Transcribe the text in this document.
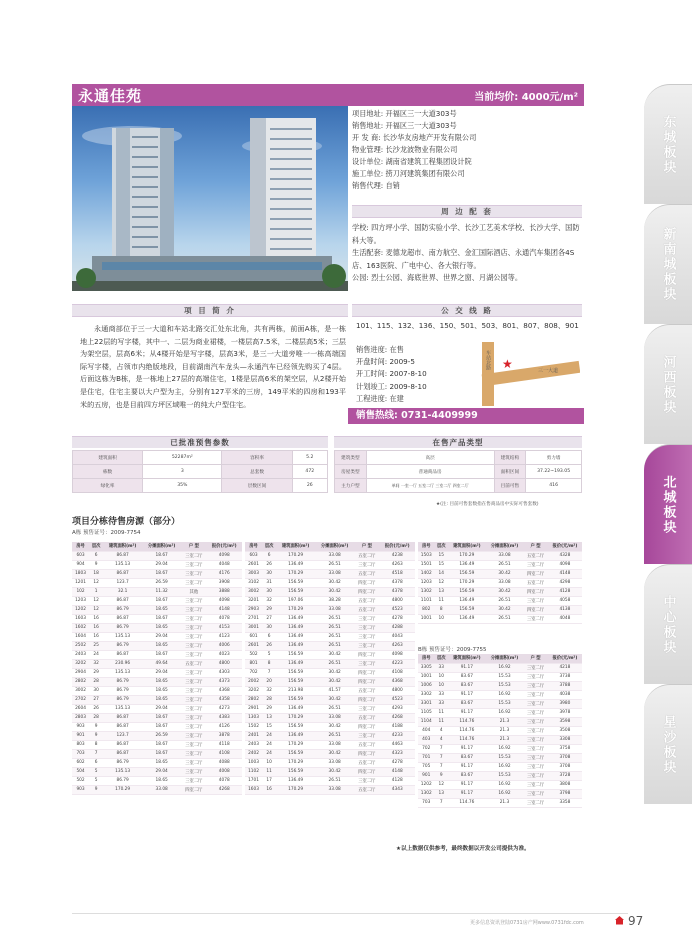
东城板块
新南城板块
河西板块
北城板块
中心板块
星沙板块
永通佳苑	当前均价: 4000元/m²
项目地址: 开福区三一大道303号
销售地址: 开福区三一大道303号
开 发 商: 长沙华友房地产开发有限公司
物业管理: 长沙龙波物业有限公司
设计单位: 湖南省建筑工程集团设计院
施工单位: 捞刀河建筑集团有限公司
销售代理: 自销
周 边 配 套
学校: 四方坪小学、国防实验小学、长沙工艺美术学校、长沙大学、国防科大等。
生活配套: 麦德龙超市、南方航空、金汇国际酒店、永通汽车集团各4S店、163医院、广电中心、各大银行等。
公园: 烈士公园、海底世界、世界之窗、月湖公园等。
项 目 简 介
永通商部位于三一大道和车站北路交汇处东北角，共有两栋，前面A栋，是一栋地上22层的写字楼，其中一、二层为商业裙楼，一楼层高7.5米，二楼层高5米；三层为架空层，层高6米；从4楼开始是写字楼，层高3米，是三一大道旁唯一一栋高端国际写字楼，占领市内绝版地段，目前湖南汽车龙头—永通汽车已经领先购买了4层。后面这栋为B栋，是一栋地上27层的高端住宅，1楼是层高6米的架空层，从2楼开始是住宅，住宅主要以大户型为主，分别有127平米的三房，149平米的四房和193平米的五房，也是目前四方坪区域唯一的纯大户型住宅。
公 交 线 路
101、115、132、136、150、501、503、801、807、808、901
销售进度: 在售
开盘时间: 2009-5
开工时间: 2007-8-10
计划竣工: 2009-8-10
工程进度: 在建
车站北路
三一大道
★
销售热线: 0731-4409999
已批准预售参数
建筑面积	52287m²	容积率	5.2
栋数	3	总套数	472
绿化率	35%	层数区间	26
在售产品类型
建筑类型	高层	建筑结构	剪力墙
房屋类型	普通商品房	面积区间	37.22~193.05
主力户型	单间 一室一厅 五室二厅 三室二厅 四室二厅	目前可售	416
★(注: 目前可售套数指在售商品房中实际可售套数)
项目分栋待售房源（部分）
A栋 预售证号：2009-7754
B栋 预售证号：2009-7755
房号	层次	建筑面积(m²)	分摊面积(m²)	户 型	报价(元/m²)
603	6	86.87	18.67	三室二厅	4098
904	9	135.13	29.04	三室二厅	4048
1803	18	86.87	18.67	三室二厅	4176
1201	12	123.7	26.59	三室二厅	3908
102	1	32.1	11.32	其他	3888
1203	12	86.87	18.67	三室二厅	4098
1202	12	86.79	18.65	三室二厅	4148
1603	16	86.87	18.67	三室二厅	4078
1602	16	86.79	18.65	三室二厅	4153
1604	16	135.13	29.04	三室二厅	4123
2502	25	86.79	18.65	三室二厅	4006
2403	24	86.87	18.67	三室二厅	4023
3202	32	230.96	49.64	五室二厅	4800
2904	29	135.13	29.04	三室二厅	4303
2802	28	86.79	18.65	三室二厅	4373
3002	30	86.79	18.65	三室二厅	4368
2702	27	86.79	18.65	三室二厅	4358
2604	26	135.13	29.04	三室二厅	4273
2803	28	86.87	18.67	三室二厅	4383
903	9	86.87	18.67	三室二厅	4126
901	9	123.7	26.59	三室二厅	3878
803	8	86.87	18.67	三室二厅	4118
703	7	86.87	18.67	三室二厅	4108
602	6	86.79	18.65	三室二厅	4088
504	5	135.13	29.04	三室二厅	4008
502	5	86.79	18.65	三室二厅	4078
903	9	170.29	33.08	四室二厅	4268
房号	层次	建筑面积(m²)	分摊面积(m²)	户 型	报价(元/m²)
603	6	170.29	33.08	五室二厅	4238
2601	26	136.49	26.51	三室二厅	4263
3003	30	170.29	33.08	五室二厅	4518
3102	31	156.59	30.42	四室二厅	4378
3002	30	156.59	30.42	四室二厅	4378
3201	32	197.06	38.28	五室二厅	4800
2903	29	170.29	33.08	五室二厅	4523
2701	27	136.49	26.51	三室二厅	4278
3001	30	136.49	26.51	三室二厅	4288
601	6	136.49	26.51	三室二厅	4043
2601	26	136.49	26.51	三室二厅	4263
502	5	156.59	30.42	四室二厅	4098
801	8	136.49	26.51	三室二厅	4223
702	7	156.59	30.42	四室二厅	4108
2002	20	156.59	30.42	四室二厅	4368
3202	32	213.98	41.57	五室二厅	4800
2802	28	156.59	30.42	四室二厅	4523
2901	29	136.49	26.51	三室二厅	4293
1303	13	170.29	33.08	五室二厅	4268
1502	15	156.59	30.42	四室二厅	4188
2401	24	136.49	26.51	三室二厅	4233
2403	24	170.29	33.08	五室二厅	4463
2402	24	156.59	30.42	四室二厅	4323
1003	10	170.29	33.08	五室二厅	4278
1102	11	156.59	30.42	四室二厅	4148
1701	17	136.49	26.51	三室二厅	4128
1603	16	170.29	33.08	五室二厅	4343
房号	层次	建筑面积(m²)	分摊面积(m²)	户 型	报价(元/m²)
1503	15	170.29	33.08	五室二厅	4328
1501	15	136.49	26.51	三室二厅	4098
1402	14	156.59	30.42	四室二厅	4148
1203	12	170.29	33.08	五室二厅	4298
1302	13	156.59	30.42	四室二厅	4128
1101	11	136.49	26.51	三室二厅	4058
802	8	156.59	30.42	四室二厅	4138
1001	10	136.49	26.51	三室二厅	4048
房号	层次	建筑面积(m²)	分摊面积(m²)	户 型	报价(元/m²)
3305	33	91.17	16.92	三室二厅	4218
1001	10	83.67	15.53	三室二厅	3738
1006	10	83.67	15.53	三室二厅	3788
3302	33	91.17	16.92	三室二厅	4038
3301	33	83.67	15.53	三室二厅	3980
1105	11	91.17	16.92	三室二厅	3978
1104	11	114.76	21.3	三室二厅	3598
404	4	114.76	21.3	三室二厅	3508
403	4	114.76	21.3	三室二厅	3308
702	7	91.17	16.92	三室二厅	3758
701	7	83.67	15.53	三室二厅	3708
705	7	91.17	16.92	三室二厅	3708
901	9	83.67	15.53	三室二厅	3728
1202	12	91.17	16.92	三室二厅	3808
1302	13	91.17	16.92	三室二厅	3798
703	7	114.76	21.3	三室二厅	3358
★以上数据仅供参考，最终数据以开发公司提供为准。
更多信息资讯登陆0731房产网www.0731fdc.com	97
